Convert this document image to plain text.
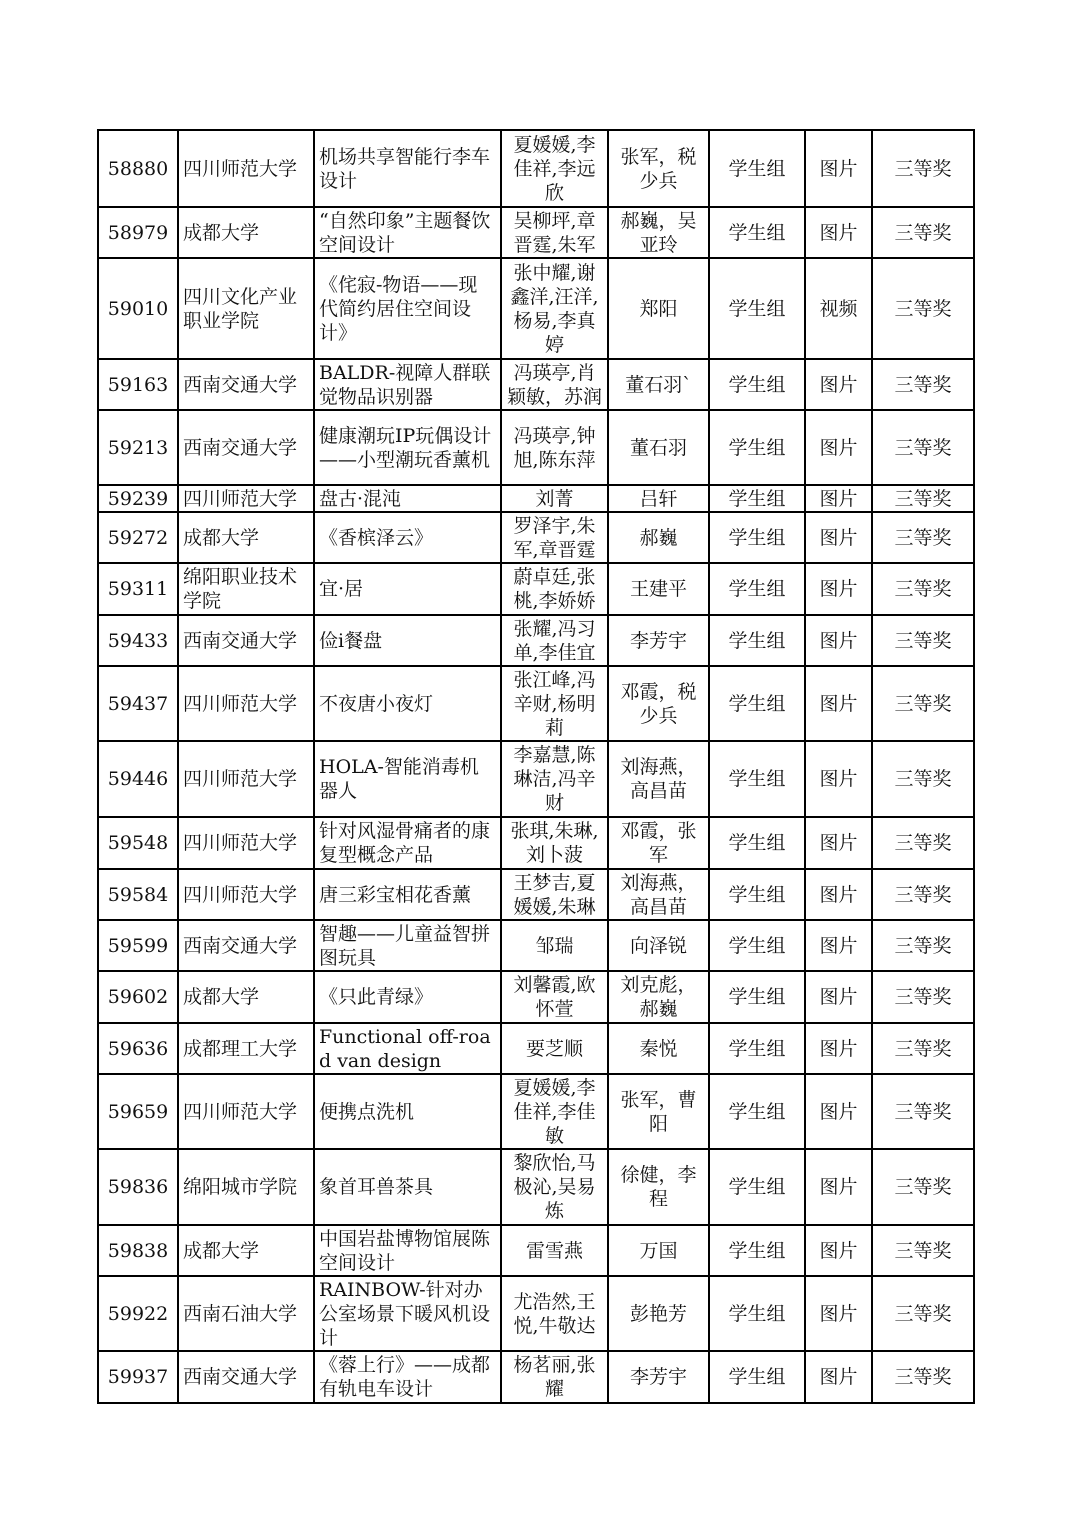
58880	四川师范大学	机场共享智能行李车设计	夏媛媛,李佳祥,李远欣	张军，税少兵	学生组	图片	三等奖
58979	成都大学	“自然印象”主题餐饮空间设计	吴柳坪,章晋霆,朱军	郝巍，吴亚玲	学生组	图片	三等奖
59010	四川文化产业职业学院	《侘寂-物语——现代简约居住空间设计》	张中耀,谢鑫洋,汪洋,杨易,李真婷	郑阳	学生组	视频	三等奖
59163	西南交通大学	BALDR-视障人群联觉物品识别器	冯瑛亭,肖颖敏，苏润	董石羽`	学生组	图片	三等奖
59213	西南交通大学	健康潮玩IP玩偶设计——小型潮玩香薰机	冯瑛亭,钟旭,陈东萍	董石羽	学生组	图片	三等奖
59239	四川师范大学	盘古·混沌	刘菁	吕轩	学生组	图片	三等奖
59272	成都大学	《香槟泽云》	罗泽宇,朱军,章晋霆	郝巍	学生组	图片	三等奖
59311	绵阳职业技术学院	宜·居	蔚卓廷,张桃,李娇娇	王建平	学生组	图片	三等奖
59433	西南交通大学	俭i餐盘	张耀,冯习单,李佳宜	李芳宇	学生组	图片	三等奖
59437	四川师范大学	不夜唐小夜灯	张江峰,冯辛财,杨明莉	邓霞，税少兵	学生组	图片	三等奖
59446	四川师范大学	HOLA-智能消毒机器人	李嘉慧,陈琳洁,冯辛财	刘海燕，高昌苗	学生组	图片	三等奖
59548	四川师范大学	针对风湿骨痛者的康复型概念产品	张琪,朱琳,刘卜菠	邓霞，张军	学生组	图片	三等奖
59584	四川师范大学	唐三彩宝相花香薰	王梦吉,夏媛媛,朱琳	刘海燕，高昌苗	学生组	图片	三等奖
59599	西南交通大学	智趣——儿童益智拼图玩具	邹瑞	向泽锐	学生组	图片	三等奖
59602	成都大学	《只此青绿》	刘馨霞,欧怀萱	刘克彪，郝巍	学生组	图片	三等奖
59636	成都理工大学	Functional off-road van design	要芝顺	秦悦	学生组	图片	三等奖
59659	四川师范大学	便携点洗机	夏媛媛,李佳祥,李佳敏	张军，曹阳	学生组	图片	三等奖
59836	绵阳城市学院	象首耳兽茶具	黎欣怡,马极沁,吴易炼	徐健，李程	学生组	图片	三等奖
59838	成都大学	中国岩盐博物馆展陈空间设计	雷雪燕	万国	学生组	图片	三等奖
59922	西南石油大学	RAINBOW-针对办公室场景下暖风机设计	尤浩然,王悦,牛敬达	彭艳芳	学生组	图片	三等奖
59937	西南交通大学	《蓉上行》——成都有轨电车设计	杨茗丽,张耀	李芳宇	学生组	图片	三等奖
